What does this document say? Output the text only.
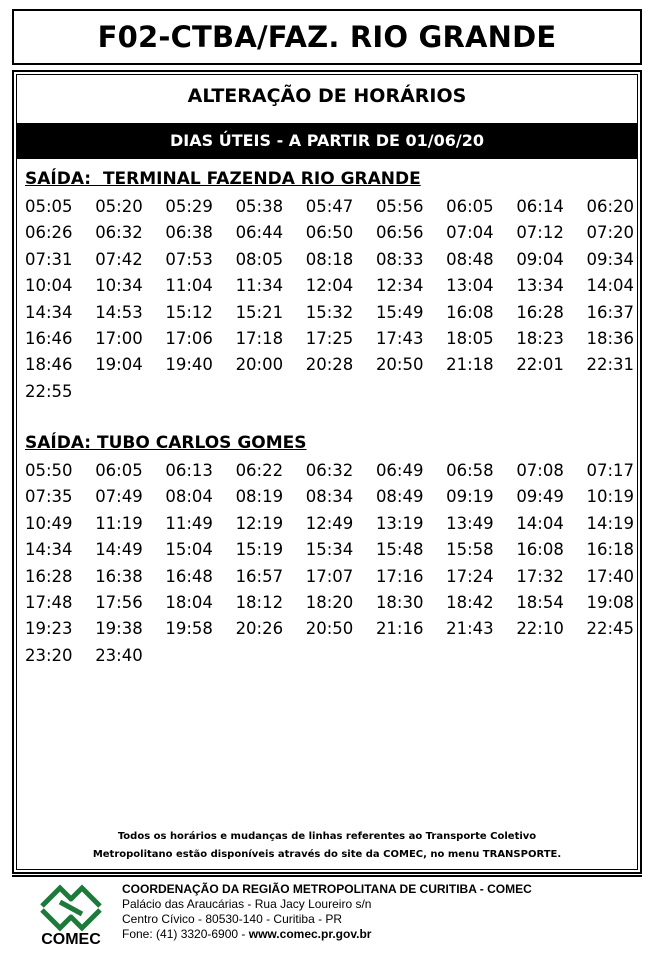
F02-CTBA/FAZ. RIO GRANDE
ALTERAÇÃO DE HORÁRIOS
DIAS ÚTEIS - A PARTIR DE 01/06/20
SAÍDA:  TERMINAL FAZENDA RIO GRANDE
05:05	05:20	05:29	05:38	05:47	05:56	06:05	06:14	06:20
06:26	06:32	06:38	06:44	06:50	06:56	07:04	07:12	07:20
07:31	07:42	07:53	08:05	08:18	08:33	08:48	09:04	09:34
10:04	10:34	11:04	11:34	12:04	12:34	13:04	13:34	14:04
14:34	14:53	15:12	15:21	15:32	15:49	16:08	16:28	16:37
16:46	17:00	17:06	17:18	17:25	17:43	18:05	18:23	18:36
18:46	19:04	19:40	20:00	20:28	20:50	21:18	22:01	22:31
22:55
SAÍDA: TUBO CARLOS GOMES
05:50	06:05	06:13	06:22	06:32	06:49	06:58	07:08	07:17
07:35	07:49	08:04	08:19	08:34	08:49	09:19	09:49	10:19
10:49	11:19	11:49	12:19	12:49	13:19	13:49	14:04	14:19
14:34	14:49	15:04	15:19	15:34	15:48	15:58	16:08	16:18
16:28	16:38	16:48	16:57	17:07	17:16	17:24	17:32	17:40
17:48	17:56	18:04	18:12	18:20	18:30	18:42	18:54	19:08
19:23	19:38	19:58	20:26	20:50	21:16	21:43	22:10	22:45
23:20	23:40
Todos os horários e mudanças de linhas referentes ao Transporte Coletivo
Metropolitano estão disponíveis através do site da COMEC, no menu TRANSPORTE.
COMEC
COORDENAÇÃO DA REGIÃO METROPOLITANA DE CURITIBA - COMEC
Palácio das Araucárias - Rua Jacy Loureiro s/n
Centro Cívico - 80530-140 - Curitiba - PR
Fone: (41) 3320-6900 - www.comec.pr.gov.br
